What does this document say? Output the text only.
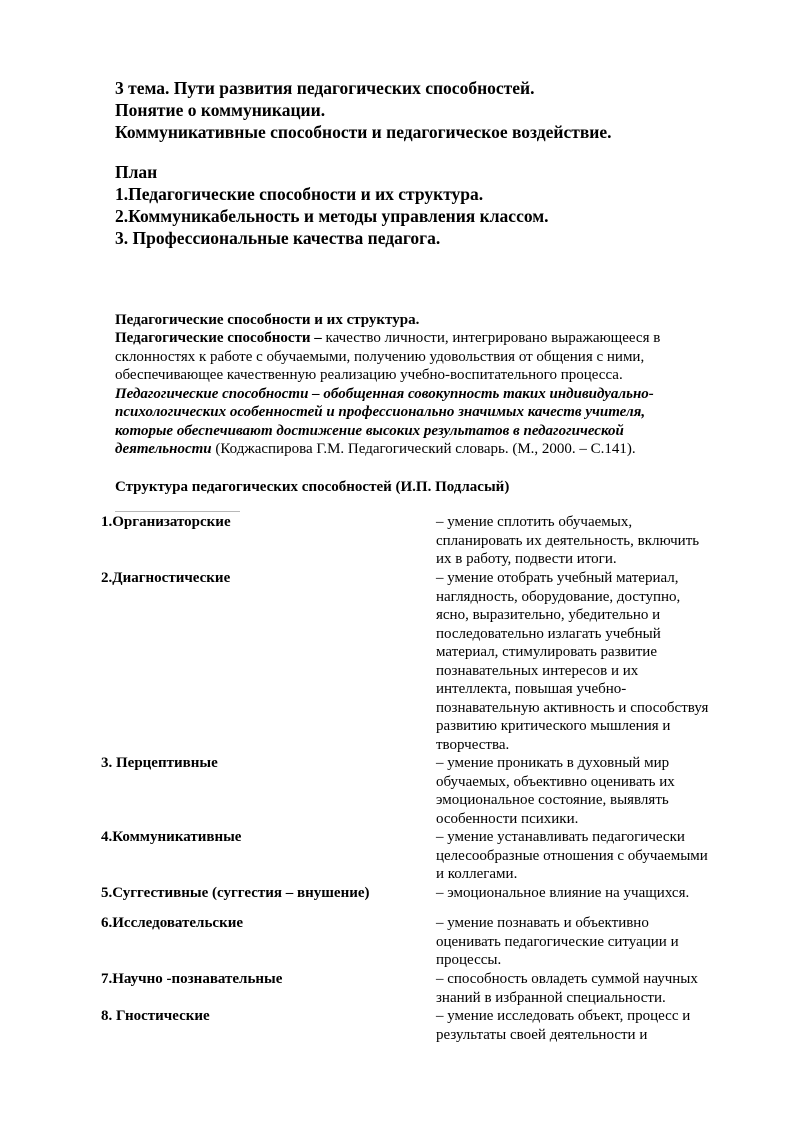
3 тема. Пути развития педагогических способностей.
Понятие о коммуникации.
Коммуникативные способности и педагогическое воздействие.
План
1.Педагогические способности и их структура.
2.Коммуникабельность и методы управления классом.
3. Профессиональные качества педагога.
Педагогические способности и их структура.
Педагогические способности – качество личности, интегрировано выражающееся в
склонностях к работе с обучаемыми, получению удовольствия от общения с ними,
обеспечивающее качественную реализацию учебно-воспитательного процесса.
Педагогические способности – обобщенная совокупность таких индивидуально-
психологических особенностей и профессионально значимых качеств учителя,
которые обеспечивают достижение высоких результатов в педагогической
деятельности (Коджаспирова Г.М. Педагогический словарь. (М., 2000. – С.141).
Структура педагогических способностей (И.П. Подласый)
1.Организаторские	– умение сплотить обучаемых,
спланировать их деятельность, включить
их в работу, подвести итоги.
2.Диагностические	– умение отобрать учебный материал,
наглядность, оборудование, доступно,
ясно, выразительно, убедительно и
последовательно излагать учебный
материал, стимулировать развитие
познавательных интересов и их
интеллекта, повышая учебно-
познавательную активность и способствуя
развитию критического мышления и
творчества.
3. Перцептивные	– умение проникать в духовный мир
обучаемых, объективно оценивать их
эмоциональное состояние, выявлять
особенности психики.
4.Коммуникативные	– умение устанавливать педагогически
целесообразные отношения с обучаемыми
и коллегами.
5.Суггестивные (суггестия – внушение)	– эмоциональное влияние на учащихся.
6.Исследовательские	– умение познавать и объективно
оценивать педагогические ситуации и
процессы.
7.Научно -познавательные	– способность овладеть суммой научных
знаний в избранной специальности.
8. Гностические	– умение исследовать объект, процесс и
результаты своей деятельности и
